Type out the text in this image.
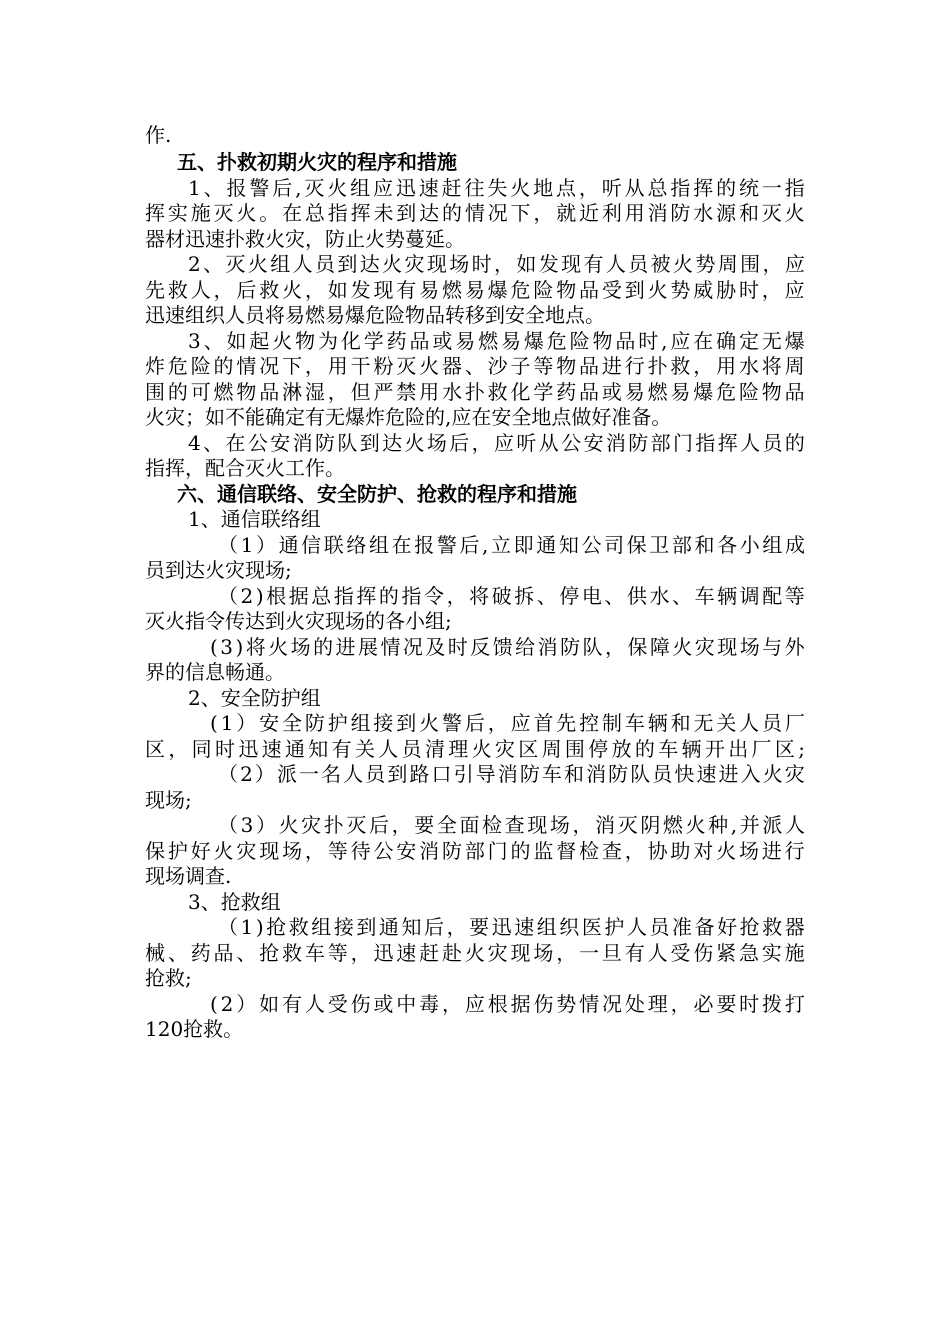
作.
五、扑救初期火灾的程序和措施
1 、 报 警 后 , 灭 火 组 应 迅 速 赶 往 失 火 地 点 ， 听 从 总 指 挥 的 统 一 指
挥 实 施 灭 火 。 在 总 指 挥 未 到 达 的 情 况 下 ， 就 近 利 用 消 防 水 源 和 灭 火
器材迅速扑救火灾，防止火势蔓延。
2 、 灭 火 组 人 员 到 达 火 灾 现 场 时 ， 如 发 现 有 人 员 被 火 势 周 围 ， 应
先 救 人 ， 后 救 火 ， 如 发 现 有 易 燃 易 爆 危 险 物 品 受 到 火 势 威 胁 时 ， 应
迅速组织人员将易燃易爆危险物品转移到安全地点。
3 、 如 起 火 物 为 化 学 药 品 或 易 燃 易 爆 危 险 物 品 时 , 应 在 确 定 无 爆
炸 危 险 的 情 况 下 ， 用 干 粉 灭 火 器 、 沙 子 等 物 品 进 行 扑 救 ， 用 水 将 周
围 的 可 燃 物 品 淋 湿 ， 但 严 禁 用 水 扑 救 化 学 药 品 或 易 燃 易 爆 危 险 物 品
火灾；如不能确定有无爆炸危险的,应在安全地点做好准备。
4 、 在 公 安 消 防 队 到 达 火 场 后 ， 应 听 从 公 安 消 防 部 门 指 挥 人 员 的
指挥，配合灭火工作。
六、通信联络、安全防护、抢救的程序和措施
1、通信联络组
（ 1 ） 通 信 联 络 组 在 报 警 后 , 立 即 通 知 公 司 保 卫 部 和 各 小 组 成
员到达火灾现场;
（ 2 ) 根 据 总 指 挥 的 指 令 ， 将 破 拆 、 停 电 、 供 水 、 车 辆 调 配 等
灭火指令传达到火灾现场的各小组;
( 3 ) 将 火 场 的 进 展 情 况 及 时 反 馈 给 消 防 队 ， 保 障 火 灾 现 场 与 外
界的信息畅通。
2、安全防护组
( 1 ） 安 全 防 护 组 接 到 火 警 后 ， 应 首 先 控 制 车 辆 和 无 关 人 员 厂
区 ， 同 时 迅 速 通 知 有 关 人 员 清 理 火 灾 区 周 围 停 放 的 车 辆 开 出 厂 区 ;
（ 2 ） 派 一 名 人 员 到 路 口 引 导 消 防 车 和 消 防 队 员 快 速 进 入 火 灾
现场;
（ 3 ） 火 灾 扑 灭 后 ， 要 全 面 检 查 现 场 ， 消 灭 阴 燃 火 种 , 并 派 人
保 护 好 火 灾 现 场 ， 等 待 公 安 消 防 部 门 的 监 督 检 查 ， 协 助 对 火 场 进 行
现场调查.
3、抢救组
（ 1 ) 抢 救 组 接 到 通 知 后 ， 要 迅 速 组 织 医 护 人 员 准 备 好 抢 救 器
械 、 药 品 、 抢 救 车 等 ， 迅 速 赶 赴 火 灾 现 场 ， 一 旦 有 人 受 伤 紧 急 实 施
抢救;
( 2 ） 如 有 人 受 伤 或 中 毒 ， 应 根 据 伤 势 情 况 处 理 ， 必 要 时 拨 打
120抢救。
